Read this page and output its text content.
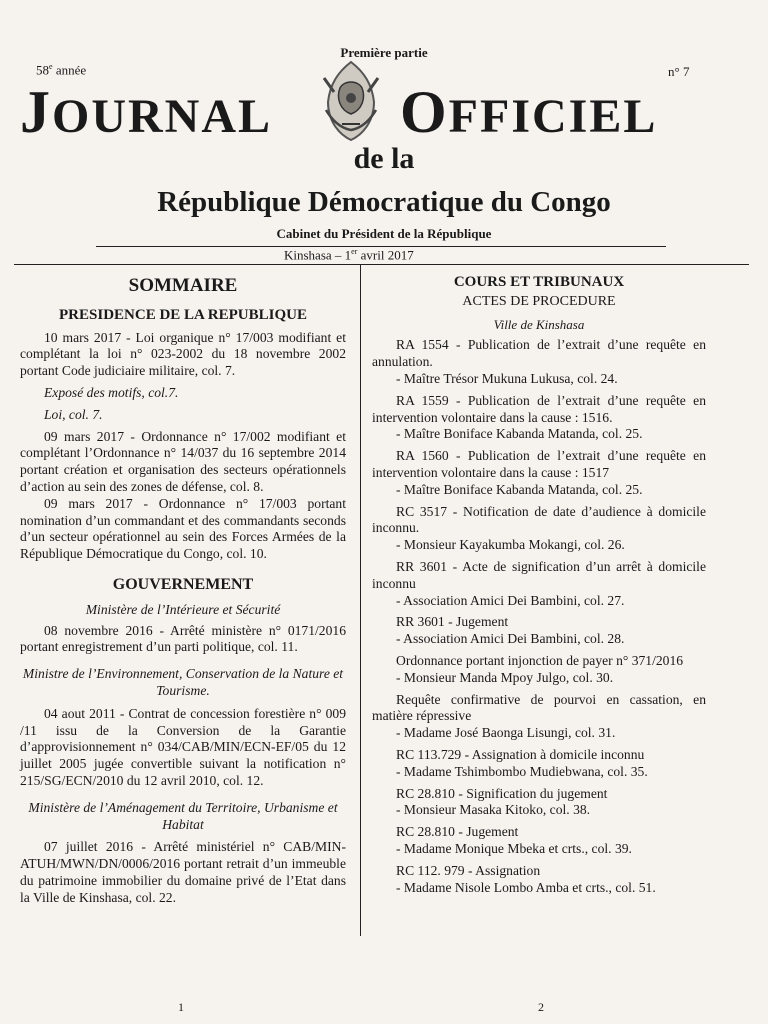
Première partie
58e année	n° 7
JOURNAL OFFICIEL
de la
République Démocratique du Congo
Cabinet du Président de la République
Kinshasa – 1er avril 2017
SOMMAIRE
PRESIDENCE DE LA REPUBLIQUE

10 mars 2017 - Loi organique n° 17/003 modifiant et complétant la loi n° 023-2002 du 18 novembre 2002 portant Code judiciaire militaire, col. 7.

Exposé des motifs, col.7.

Loi, col. 7.

09 mars 2017 - Ordonnance n° 17/002 modifiant et complétant l’Ordonnance n° 14/037 du 16 septembre 2014 portant création et organisation des secteurs opérationnels d’action au sein des zones de défense, col. 8.

09 mars 2017 - Ordonnance n° 17/003 portant nomination d’un commandant et des commandants seconds d’un secteur opérationnel au sein des Forces Armées de la République Démocratique du Congo, col. 10.

GOUVERNEMENT

Ministère de l’Intérieure et Sécurité

08 novembre 2016 - Arrêté ministère n° 0171/2016 portant enregistrement d’un parti politique, col. 11.

Ministre de l’Environnement, Conservation de la Nature et Tourisme.

04 aout 2011 - Contrat de concession forestière n° 009 /11 issu de la Conversion de la Garantie d’approvisionnement n° 034/CAB/MIN/ECN-EF/05 du 12 juillet 2005 jugée convertible suivant la notification n° 215/SG/ECN/2010 du 12 avril 2010, col. 12.

Ministère de l’Aménagement du Territoire, Urbanisme et Habitat

07 juillet 2016 - Arrêté ministériel n° CAB/MIN-ATUH/MWN/DN/0006/2016 portant retrait d’un immeuble du patrimoine immobilier du domaine privé de l’Etat dans la Ville de Kinshasa, col. 22.

COURS ET TRIBUNAUX
ACTES DE PROCEDURE
Ville de Kinshasa

RA 1554 - Publication de l’extrait d’une requête en annulation.

- Maître Trésor Mukuna Lukusa, col. 24.

RA 1559 - Publication de l’extrait d’une requête en intervention volontaire dans la cause : 1516.

- Maître Boniface Kabanda Matanda, col. 25.

RA 1560 - Publication de l’extrait d’une requête en intervention volontaire dans la cause : 1517

- Maître Boniface Kabanda Matanda, col. 25.

RC 3517 - Notification de date d’audience à domicile inconnu.

- Monsieur Kayakumba Mokangi, col. 26.

RR 3601 - Acte de signification d’un arrêt à domicile inconnu

- Association Amici Dei Bambini, col. 27.

RR 3601 - Jugement

- Association Amici Dei Bambini, col. 28.

Ordonnance portant injonction de payer n° 371/2016

- Monsieur Manda Mpoy Julgo, col. 30.

Requête confirmative de pourvoi en cassation, en matière répressive

- Madame José Baonga Lisungi, col. 31.

RC 113.729 - Assignation à domicile inconnu

- Madame Tshimbombo Mudiebwana, col. 35.

RC 28.810 - Signification du jugement

- Monsieur Masaka Kitoko, col. 38.

RC 28.810 - Jugement

- Madame Monique Mbeka et crts., col. 39.

RC 112. 979 - Assignation

- Madame Nisole Lombo Amba et crts., col. 51.

1	2
